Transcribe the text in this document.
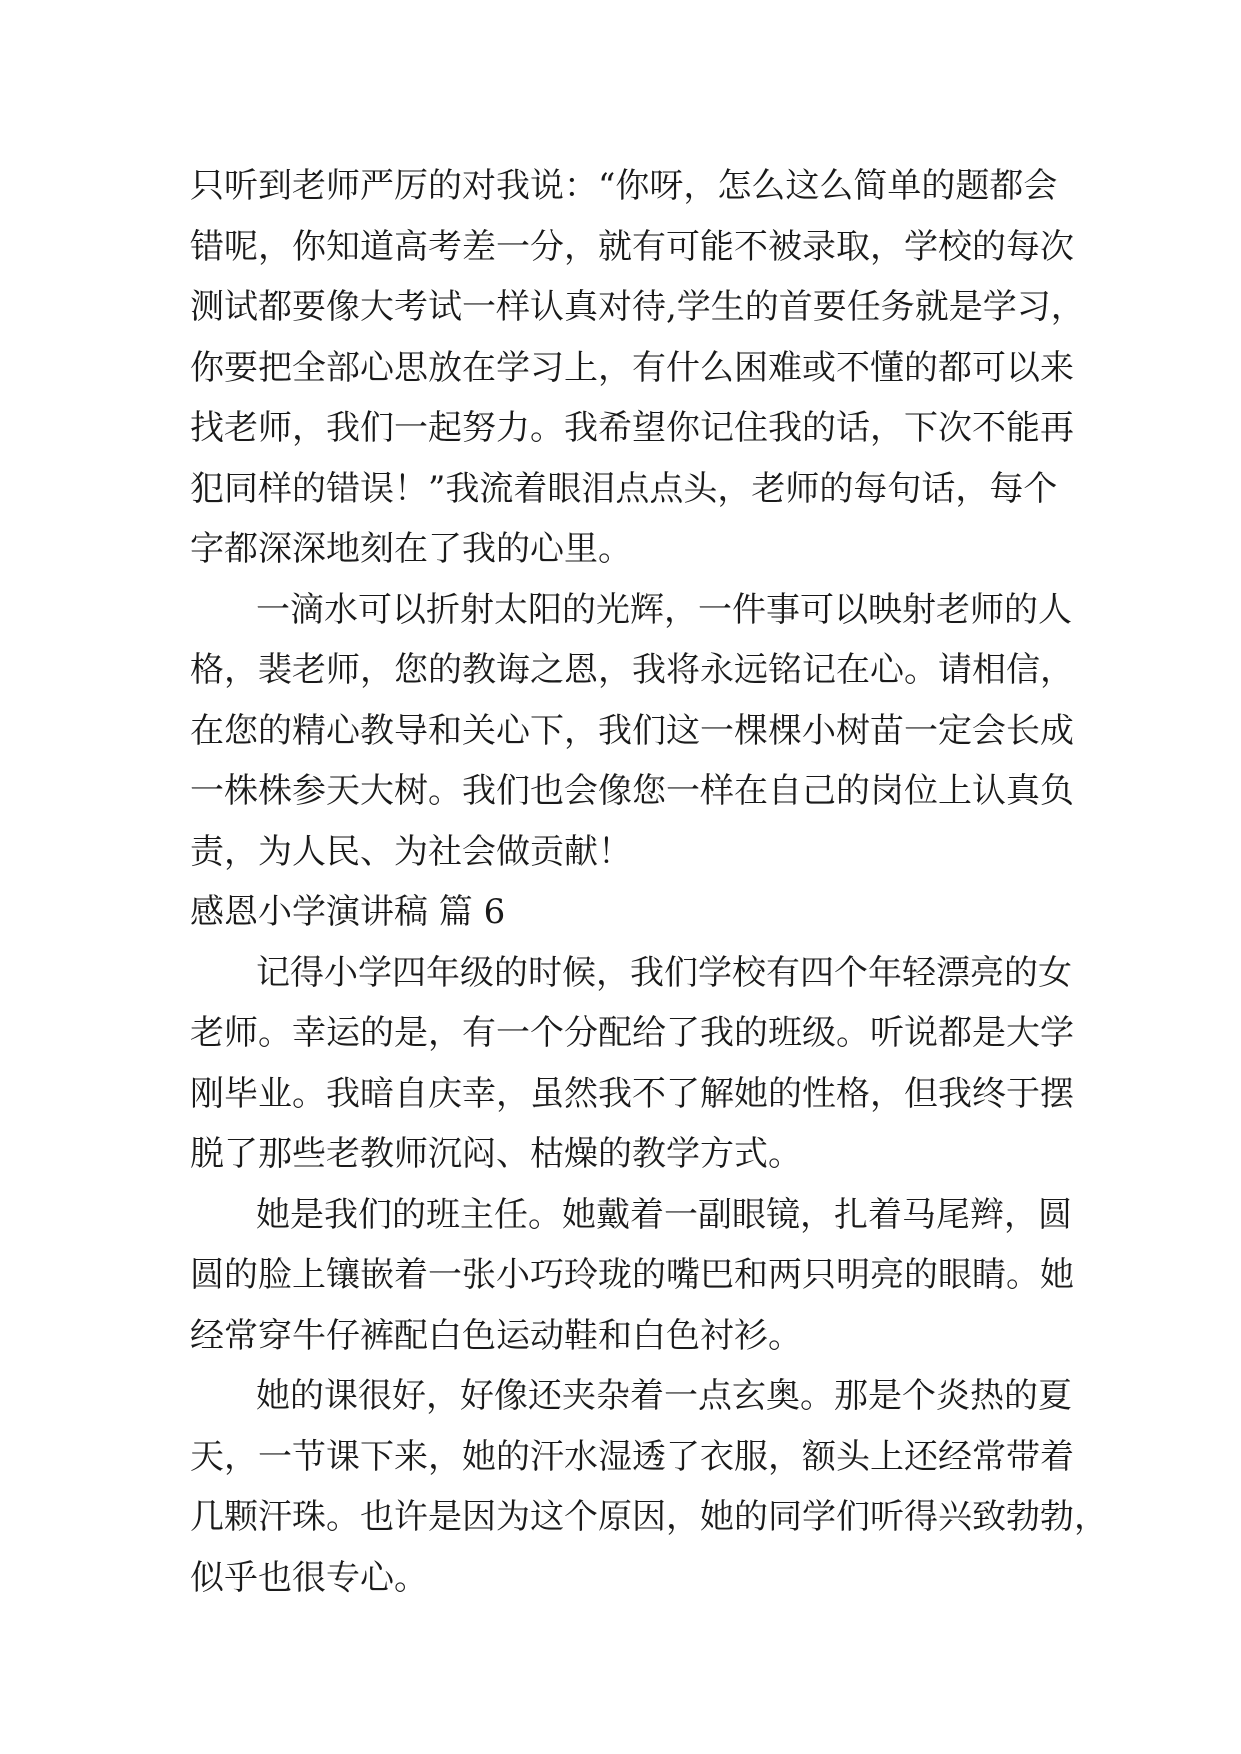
只听到老师严厉的对我说：“你呀，怎么这么简单的题都会
错呢，你知道高考差一分，就有可能不被录取，学校的每次
测试都要像大考试一样认真对待,学生的首要任务就是学习，
你要把全部心思放在学习上，有什么困难或不懂的都可以来
找老师，我们一起努力。我希望你记住我的话，下次不能再
犯同样的错误！”我流着眼泪点点头，老师的每句话，每个
字都深深地刻在了我的心里。
一滴水可以折射太阳的光辉，一件事可以映射老师的人
格，裴老师，您的教诲之恩，我将永远铭记在心。请相信，
在您的精心教导和关心下，我们这一棵棵小树苗一定会长成
一株株参天大树。我们也会像您一样在自己的岗位上认真负
责，为人民、为社会做贡献！
感恩小学演讲稿 篇 6
记得小学四年级的时候，我们学校有四个年轻漂亮的女
老师。幸运的是，有一个分配给了我的班级。听说都是大学
刚毕业。我暗自庆幸，虽然我不了解她的性格，但我终于摆
脱了那些老教师沉闷、枯燥的教学方式。
她是我们的班主任。她戴着一副眼镜，扎着马尾辫，圆
圆的脸上镶嵌着一张小巧玲珑的嘴巴和两只明亮的眼睛。她
经常穿牛仔裤配白色运动鞋和白色衬衫。
她的课很好，好像还夹杂着一点玄奥。那是个炎热的夏
天，一节课下来，她的汗水湿透了衣服，额头上还经常带着
几颗汗珠。也许是因为这个原因，她的同学们听得兴致勃勃，
似乎也很专心。
